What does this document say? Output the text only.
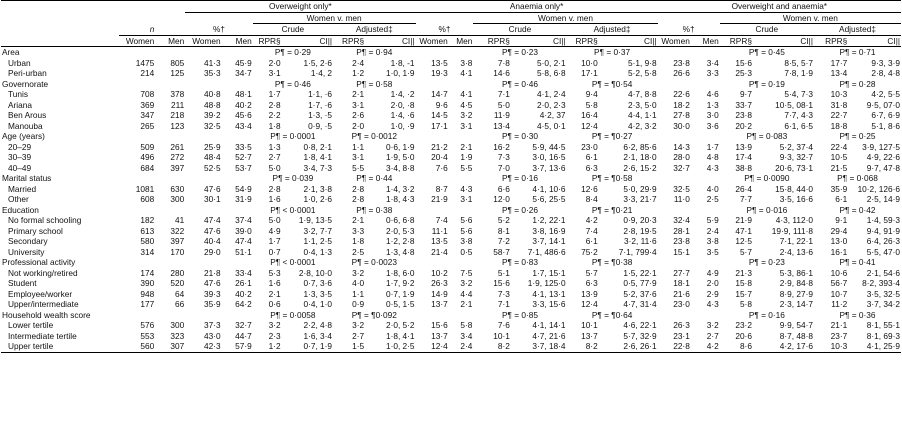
			Overweight only*						Anaemia only*						Overweight and anaemia*					
					Women v. men						Women v. men						Women v. men			
	n		%†		Crude		Adjusted‡		%†		Crude		Adjusted‡		%†		Crude		Adjusted‡	
	Women	Men	Women	Men	RPR§	CI||	RPR§	CI||	Women	Men	RPR§	CI||	RPR§	CI||	Women	Men	RPR§	CI||	RPR§	CI||
Area					P¶ = 0·29		P¶ = 0·94				P¶ = 0·23		P¶ = 0·37				P¶ = 0·45		P¶ = 0·71	
Urban	1475	805	41·3	45·9	2·0	1·5, 2·6	2·4	1·8, -1	13·5	3·8	7·8	5·0, 2·1	10·0	5·1, 9·8	23·8	3·4	15·6	8·5, 5·7	17·7	9·3, 3·9
Peri-urban	214	125	35·3	34·7	3·1	1·4, 2	1·2	1·0, 1·9	19·3	4·1	14·6	5·8, 6·8	17·1	5·2, 5·8	26·6	3·3	25·3	7·8, 1·9	13·4	2·8, 4·8
Governorate					P¶ = 0·46		P¶ = 0·58				P¶ = 0·46		P¶ = ¶0·54				P¶ = 0·19		P¶ = 0·28	
Tunis	708	378	40·8	48·1	1·7	1·1, ·6	2·1	1·4, ·2	14·7	4·1	7·1	4·1, 2·4	9·4	4·7, 8·8	22·6	4·6	9·7	5·4, 7·3	10·3	4·2, 5·5
Ariana	369	211	48·8	40·2	2·8	1·7, ·6	3·1	2·0, ·8	9·6	4·5	5·0	2·0, 2·3	5·8	2·3, 5·0	18·2	1·3	33·7	10·5, 08·1	31·8	9·5, 07·0
Ben Arous	347	218	39·2	45·6	2·2	1·3, ·5	2·6	1·4, ·6	14·5	3·2	11·9	4·2, 37	16·4	4·4, 1·1	27·8	3·0	23·8	7·7, 4·3	22·7	6·7, 6·9
Manouba	265	123	32·5	43·4	1·8	0·9, ·5	2·0	1·0, ·9	17·1	3·1	13·4	4·5, 0·1	12·4	4·2, 3·2	30·0	3·6	20·2	6·1, 6·5	18·8	5·1, 8·6
Age (years)					P¶ = 0·0001		P¶ = 0·0012				P¶ = 0·30		P¶ = ¶0·27				P¶ = 0·083		P¶ = 0·25	
20–29	509	261	25·9	33·5	1·3	0·8, 2·1	1·1	0·6, 1·9	21·2	2·1	16·2	5·9, 44·5	23·0	6·2, 85·6	14·3	1·7	13·9	5·2, 37·4	22·4	3·9, 127·5
30–39	496	272	48·4	52·7	2·7	1·8, 4·1	3·1	1·9, 5·0	20·4	1·9	7·3	3·0, 16·5	6·1	2·1, 18·0	28·0	4·8	17·4	9·3, 32·7	10·5	4·9, 22·6
40–49	684	397	52·5	53·7	5·0	3·4, 7·3	5·5	3·4, 8·8	7·6	5·5	7·0	3·7, 13·6	6·3	2·6, 15·2	32·7	4·3	38·8	20·6, 73·1	21·5	9·7, 47·8
Marital status					P¶ = 0·039		P¶ = 0·44				P¶ = 0·16		P¶ = ¶0·58				P¶ = 0·0090		P¶ = 0·068	
Married	1081	630	47·6	54·9	2·8	2·1, 3·8	2·8	1·4, 3·2	8·7	4·3	6·6	4·1, 10·6	12·6	5·0, 29·9	32·5	4·0	26·4	15·8, 44·0	35·9	10·2, 126·6
Other	608	300	30·1	31·9	1·6	1·0, 2·6	2·8	1·8, 4·3	21·9	3·1	12·0	5·6, 25·5	8·4	3·3, 21·7	11·0	2·5	7·7	3·5, 16·6	6·1	2·5, 14·9
Education					P¶ < 0·0001		P¶ = 0·38				P¶ = 0·26		P¶ = ¶0·21				P¶ = 0·016		P¶ = 0·42	
No formal schooling	182	41	47·4	37·4	5·0	1·9, 13·5	2·1	0·6, 6·8	7·4	5·6	5·2	1·2, 22·1	4·2	0·9, 20·3	32·4	5·9	21·9	4·3, 112·0	9·1	1·4, 59·3
Primary school	613	322	47·6	39·0	4·9	3·2, 7·7	3·3	2·0, 5·3	11·1	5·6	8·1	3·8, 16·9	7·4	2·8, 19·5	28·1	2·4	47·1	19·9, 111·8	29·4	9·4, 91·9
Secondary	580	397	40·4	47·4	1·7	1·1, 2·5	1·8	1·2, 2·8	13·5	3·8	7·2	3·7, 14·1	6·1	3·2, 11·6	23·8	3·8	12·5	7·1, 22·1	13·0	6·4, 26·3
University	314	170	29·0	51·1	0·7	0·4, 1·3	2·5	1·3, 4·8	21·4	0·5	58·7	7·1, 486·6	75·2	7·1, 799·4	15·1	3·5	5·7	2·4, 13·6	16·1	5·5, 47·0
Professional activity					P¶ < 0·0001		P¶ = 0·0023				P¶ = 0·83		P¶ = ¶0·38				P¶ = 0·23		P¶ = 0·41	
Not working/retired	174	280	21·8	33·4	5·3	2·8, 10·0	3·2	1·8, 6·0	10·2	7·5	5·1	1·7, 15·1	5·7	1·5, 22·1	27·7	4·9	21·3	5·3, 86·1	10·6	2·1, 54·6
Student	390	520	47·6	26·1	1·6	0·7, 3·6	4·0	1·7, 9·2	26·3	3·2	15·6	1·9, 125·0	6·3	0·5, 77·9	18·1	2·0	15·8	2·9, 84·8	56·7	8·2, 393·4
Employee/worker	948	64	39·3	40·2	2·1	1·3, 3·5	1·1	0·7, 1·9	14·9	4·4	7·3	4·1, 13·1	13·9	5·2, 37·6	21·6	2·9	15·7	8·9, 27·9	10·7	3·5, 32·5
Upper/intermediate	177	66	35·9	64·2	0·6	0·4, 1·0	0·9	0·5, 1·5	13·7	2·1	7·1	3·3, 15·6	12·4	4·7, 31·4	23·0	4·3	5·8	2·3, 14·7	11·2	3·7, 34·2
Household wealth score					P¶ = 0·0058		P¶ = ¶0·092				P¶ = 0·85		P¶ = ¶0·64				P¶ = 0·16		P¶ = 0·36	
Lower tertile	576	300	37·3	32·7	3·2	2·2, 4·8	3·2	2·0, 5·2	15·6	5·8	7·6	4·1, 14·1	10·1	4·6, 22·1	26·3	3·2	23·2	9·9, 54·7	21·1	8·1, 55·1
Intermediate tertile	553	323	43·0	44·7	2·3	1·6, 3·4	2·7	1·8, 4·1	13·7	3·4	10·1	4·7, 21·6	13·7	5·7, 32·9	23·1	2·7	20·6	8·7, 48·8	23·7	8·1, 69·3
Upper tertile	560	307	42·3	57·9	1·2	0·7, 1·9	1·5	1·0, 2·5	12·4	2·4	8·2	3·7, 18·4	8·2	2·6, 26·1	22·8	4·2	8·6	4·2, 17·6	10·3	4·1, 25·9
